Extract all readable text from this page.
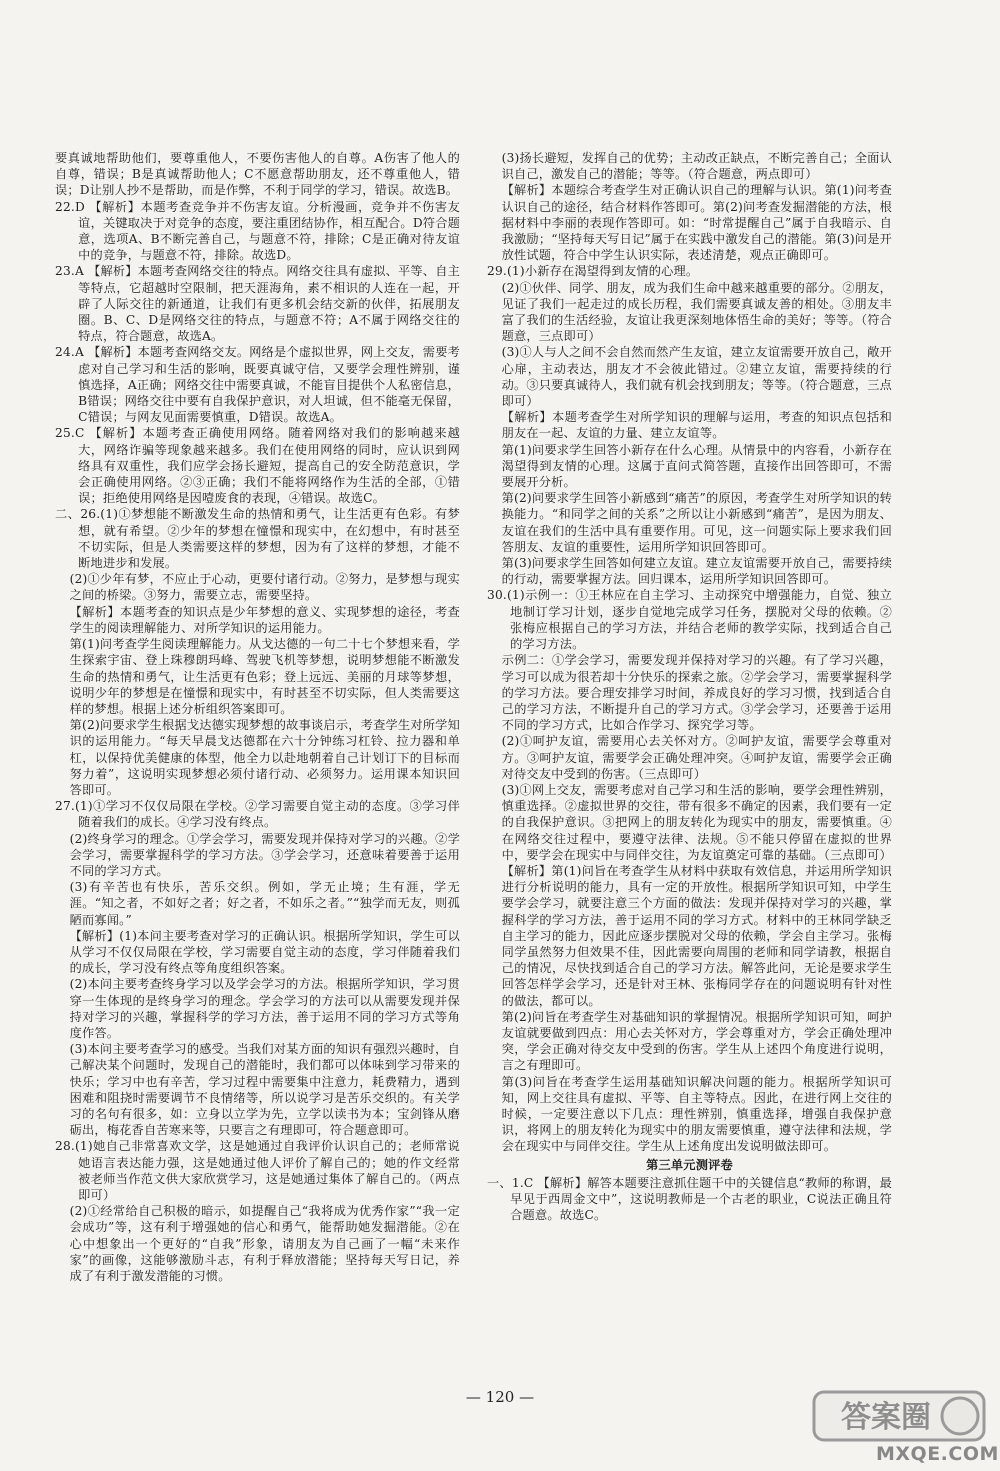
要真诚地帮助他们，要尊重他人，不要伤害他人的自尊。A伤害了他人的自尊，错误；B是真诚帮助他人；C不愿意帮助朋友，还不尊重他人，错误；D让别人抄不是帮助，而是作弊，不利于同学的学习，错误。故选B。

22.D 【解析】本题考查竞争并不伤害友谊。分析漫画，竞争并不伤害友谊，关键取决于对竞争的态度，要注重团结协作，相互配合。D符合题意，选项A、B不断完善自己，与题意不符，排除；C是正确对待友谊中的竞争，与题意不符，排除。故选D。

23.A 【解析】本题考查网络交往的特点。网络交往具有虚拟、平等、自主等特点，它超越时空限制，把天涯海角，素不相识的人连在一起，开辟了人际交往的新通道，让我们有更多机会结交新的伙伴，拓展朋友圈。B、C、D是网络交往的特点，与题意不符；A不属于网络交往的特点，符合题意，故选A。

24.A 【解析】本题考查网络交友。网络是个虚拟世界，网上交友，需要考虑对自己学习和生活的影响，既要真诚守信，又要学会理性辨别，谨慎选择，A正确；网络交往中需要真诚，不能盲目提供个人私密信息，B错误；网络交往中要有自我保护意识，对人坦诚，但不能毫无保留，C错误；与网友见面需要慎重，D错误。故选A。

25.C 【解析】本题考查正确使用网络。随着网络对我们的影响越来越大，网络诈骗等现象越来越多。我们在使用网络的同时，应认识到网络具有双重性，我们应学会扬长避短，提高自己的安全防范意识，学会正确使用网络。②③正确；我们不能将网络作为生活的全部，①错误；拒绝使用网络是因噎废食的表现，④错误。故选C。

二、26.(1)①梦想能不断激发生命的热情和勇气，让生活更有色彩。有梦想，就有希望。②少年的梦想在憧憬和现实中，在幻想中，有时甚至不切实际，但是人类需要这样的梦想，因为有了这样的梦想，才能不断地进步和发展。

(2)①少年有梦，不应止于心动，更要付诸行动。②努力，是梦想与现实之间的桥梁。③努力，需要立志，需要坚持。

【解析】本题考查的知识点是少年梦想的意义、实现梦想的途径，考查学生的阅读理解能力、对所学知识的运用能力。

第(1)问考查学生阅读理解能力。从戈达德的一句二十七个梦想来看，学生探索宇宙、登上珠穆朗玛峰、驾驶飞机等梦想，说明梦想能不断激发生命的热情和勇气，让生活更有色彩；登上远远、美丽的月球等梦想，说明少年的梦想是在憧憬和现实中，有时甚至不切实际，但人类需要这样的梦想。根据上述分析组织答案即可。

第(2)问要求学生根据戈达德实现梦想的故事谈启示，考查学生对所学知识的运用能力。“每天早晨戈达德都在六十分钟练习杠铃、拉力器和单杠，以保持优美健康的体型，他全力以赴地朝着自己计划订下的目标而努力着”，这说明实现梦想必须付诸行动、必须努力。运用课本知识回答即可。

27.(1)①学习不仅仅局限在学校。②学习需要自觉主动的态度。③学习伴随着我们的成长。④学习没有终点。

(2)终身学习的理念。①学会学习，需要发现并保持对学习的兴趣。②学会学习，需要掌握科学的学习方法。③学会学习，还意味着要善于运用不同的学习方式。

(3)有辛苦也有快乐，苦乐交织。例如，学无止境；生有涯，学无涯。“知之者，不如好之者；好之者，不如乐之者。”“独学而无友，则孤陋而寡闻。”

【解析】(1)本问主要考查对学习的正确认识。根据所学知识，学生可以从学习不仅仅局限在学校，学习需要自觉主动的态度，学习伴随着我们的成长，学习没有终点等角度组织答案。

(2)本问主要考查终身学习以及学会学习的方法。根据所学知识，学习贯穿一生体现的是终身学习的理念。学会学习的方法可以从需要发现并保持对学习的兴趣，掌握科学的学习方法，善于运用不同的学习方式等角度作答。

(3)本问主要考查学习的感受。当我们对某方面的知识有强烈兴趣时，自己解决某个问题时，发现自己的潜能时，我们都可以体味到学习带来的快乐；学习中也有辛苦，学习过程中需要集中注意力，耗费精力，遇到困难和阻挠时需要调节不良情绪等，所以说学习是苦乐交织的。有关学习的名句有很多，如：立身以立学为先，立学以读书为本；宝剑锋从磨砺出，梅花香自苦寒来等，只要言之有理即可，符合题意即可。

28.(1)她自己非常喜欢文学，这是她通过自我评价认识自己的；老师常说她语言表达能力强，这是她通过他人评价了解自己的；她的作文经常被老师当作范文供大家欣赏学习，这是她通过集体了解自己的。（两点即可）

(2)①经常给自己积极的暗示，如提醒自己“我将成为优秀作家”“我一定会成功”等，这有利于增强她的信心和勇气，能帮助她发掘潜能。②在心中想象出一个更好的“自我”形象，请朋友为自己画了一幅“未来作家”的画像，这能够激励斗志，有利于释放潜能；坚持每天写日记，养成了有利于激发潜能的习惯。

(3)扬长避短，发挥自己的优势；主动改正缺点，不断完善自己；全面认识自己，激发自己的潜能；等等。（符合题意，两点即可）

【解析】本题综合考查学生对正确认识自己的理解与认识。第(1)问考查认识自己的途径，结合材料作答即可。第(2)问考查发掘潜能的方法，根据材料中李丽的表现作答即可。如：“时常提醒自己”属于自我暗示、自我激励；“坚持每天写日记”属于在实践中激发自己的潜能。第(3)问是开放性试题，符合中学生认识实际，表述清楚，观点正确即可。

29.(1)小新存在渴望得到友情的心理。

(2)①伙伴、同学、朋友，成为我们生命中越来越重要的部分。②朋友，见证了我们一起走过的成长历程，我们需要真诚友善的相处。③朋友丰富了我们的生活经验，友谊让我更深刻地体悟生命的美好；等等。（符合题意，三点即可）

(3)①人与人之间不会自然而然产生友谊，建立友谊需要开放自己，敞开心扉，主动表达，朋友才不会彼此错过。②建立友谊，需要持续的行动。③只要真诚待人，我们就有机会找到朋友；等等。（符合题意，三点即可）

【解析】本题考查学生对所学知识的理解与运用，考查的知识点包括和朋友在一起、友谊的力量、建立友谊等。

第(1)问要求学生回答小新存在什么心理。从情景中的内容看，小新存在渴望得到友情的心理。这属于直问式简答题，直接作出回答即可，不需要展开分析。

第(2)问要求学生回答小新感到“痛苦”的原因，考查学生对所学知识的转换能力。“和同学之间的关系”之所以让小新感到“痛苦”，是因为朋友、友谊在我们的生活中具有重要作用。可见，这一问题实际上要求我们回答朋友、友谊的重要性，运用所学知识回答即可。

第(3)问要求学生回答如何建立友谊。建立友谊需要开放自己，需要持续的行动，需要掌握方法。回归课本，运用所学知识回答即可。

30.(1)示例一：①王林应在自主学习、主动探究中增强能力，自觉、独立地制订学习计划，逐步自觉地完成学习任务，摆脱对父母的依赖。②张梅应根据自己的学习方法，并结合老师的教学实际，找到适合自己的学习方法。

示例二：①学会学习，需要发现并保持对学习的兴趣。有了学习兴趣，学习可以成为很若却十分快乐的探索之旅。②学会学习，需要掌握科学的学习方法。要合理安排学习时间，养成良好的学习习惯，找到适合自己的学习方法，不断提升自己的学习方式。③学会学习，还要善于运用不同的学习方式，比如合作学习、探究学习等。

(2)①呵护友谊，需要用心去关怀对方。②呵护友谊，需要学会尊重对方。③呵护友谊，需要学会正确处理冲突。④呵护友谊，需要学会正确对待交友中受到的伤害。（三点即可）

(3)①网上交友，需要考虑对自己学习和生活的影响，要学会理性辨别，慎重选择。②虚拟世界的交往，带有很多不确定的因素，我们要有一定的自我保护意识。③把网上的朋友转化为现实中的朋友，需要慎重。④在网络交往过程中，要遵守法律、法规。⑤不能只停留在虚拟的世界中，要学会在现实中与同伴交往，为友谊奠定可靠的基础。（三点即可）

【解析】第(1)问旨在考查学生从材料中获取有效信息，并运用所学知识进行分析说明的能力，具有一定的开放性。根据所学知识可知，中学生要学会学习，就要注意三个方面的做法：发现并保持对学习的兴趣，掌握科学的学习方法，善于运用不同的学习方式。材料中的王林同学缺乏自主学习的能力，因此应逐步摆脱对父母的依赖，学会自主学习。张梅同学虽然努力但效果不佳，因此需要向周围的老师和同学请教，根据自己的情况，尽快找到适合自己的学习方法。解答此问，无论是要求学生回答怎样学会学习，还是针对王林、张梅同学存在的问题说明有针对性的做法，都可以。

第(2)问旨在考查学生对基础知识的掌握情况。根据所学知识可知，呵护友谊就要做到四点：用心去关怀对方，学会尊重对方，学会正确处理冲突，学会正确对待交友中受到的伤害。学生从上述四个角度进行说明，言之有理即可。

第(3)问旨在考查学生运用基础知识解决问题的能力。根据所学知识可知，网上交往具有虚拟、平等、自主等特点。因此，在进行网上交往的时候，一定要注意以下几点：理性辨别，慎重选择，增强自我保护意识，将网上的朋友转化为现实中的朋友需要慎重，遵守法律和法规，学会在现实中与同伴交往。学生从上述角度出发说明做法即可。

第三单元测评卷

一、1.C 【解析】解答本题要注意抓住题干中的关键信息“教师的称谓，最早见于西周金文中”，这说明教师是一个古老的职业，C说法正确且符合题意。故选C。

— 120 —
答案圈
MXQE.COM
